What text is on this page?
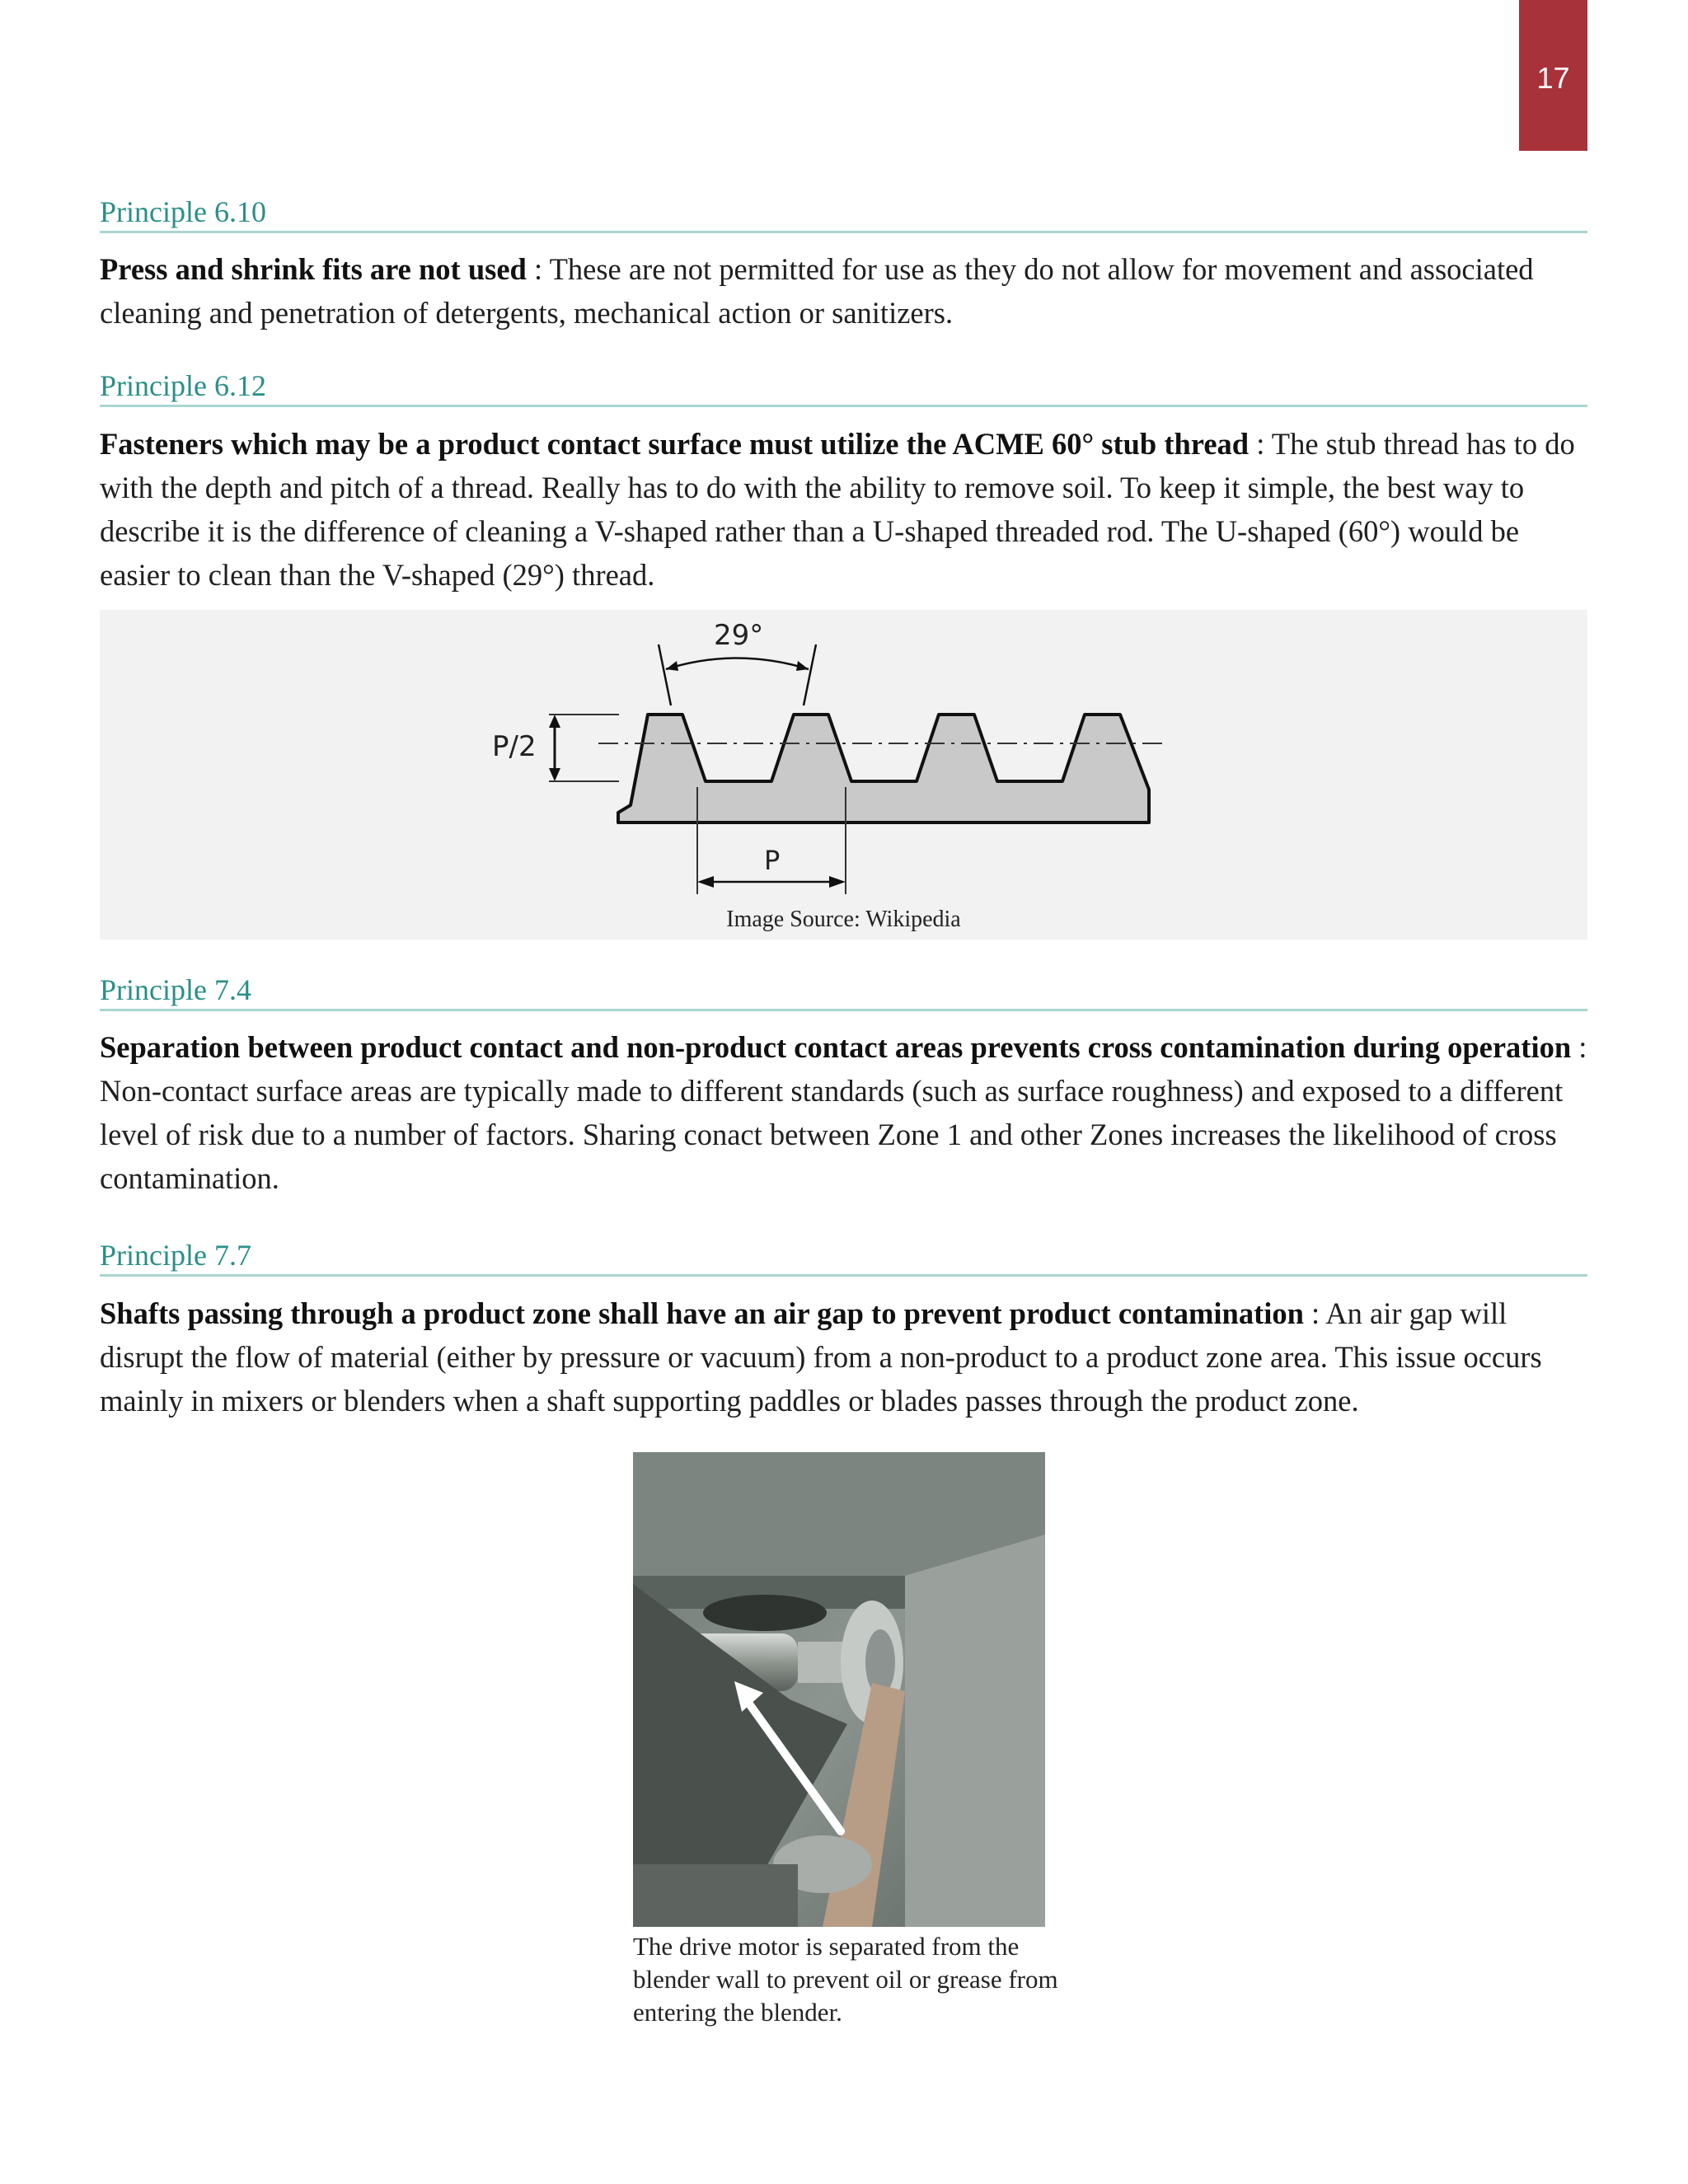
17
Principle 6.10
Press and shrink fits are not used : These are not permitted for use as they do not allow for movement and associated cleaning and penetration of detergents, mechanical action or sanitizers.
Principle 6.12
Fasteners which may be a product contact surface must utilize the ACME 60° stub thread : The stub thread has to do with the depth and pitch of a thread. Really has to do with the ability to remove soil. To keep it simple, the best way to describe it is the difference of cleaning a V-shaped rather than a U-shaped threaded rod. The U-shaped (60°) would be easier to clean than the V-shaped (29°) thread.
P/2
29°
P
Image Source: Wikipedia
Principle 7.4
Separation between product contact and non-product contact areas prevents cross contamination during operation : Non-contact surface areas are typically made to different standards (such as surface roughness) and exposed to a different level of risk due to a number of factors. Sharing conact between Zone 1 and other Zones increases the likelihood of cross contamination.
Principle 7.7
Shafts passing through a product zone shall have an air gap to prevent product contamination : An air gap will disrupt the flow of material (either by pressure or vacuum) from a non-product to a product zone area. This issue occurs mainly in mixers or blenders when a shaft supporting paddles or blades passes through the product zone.
The drive motor is separated from the blender wall to prevent oil or grease from entering the blender.
